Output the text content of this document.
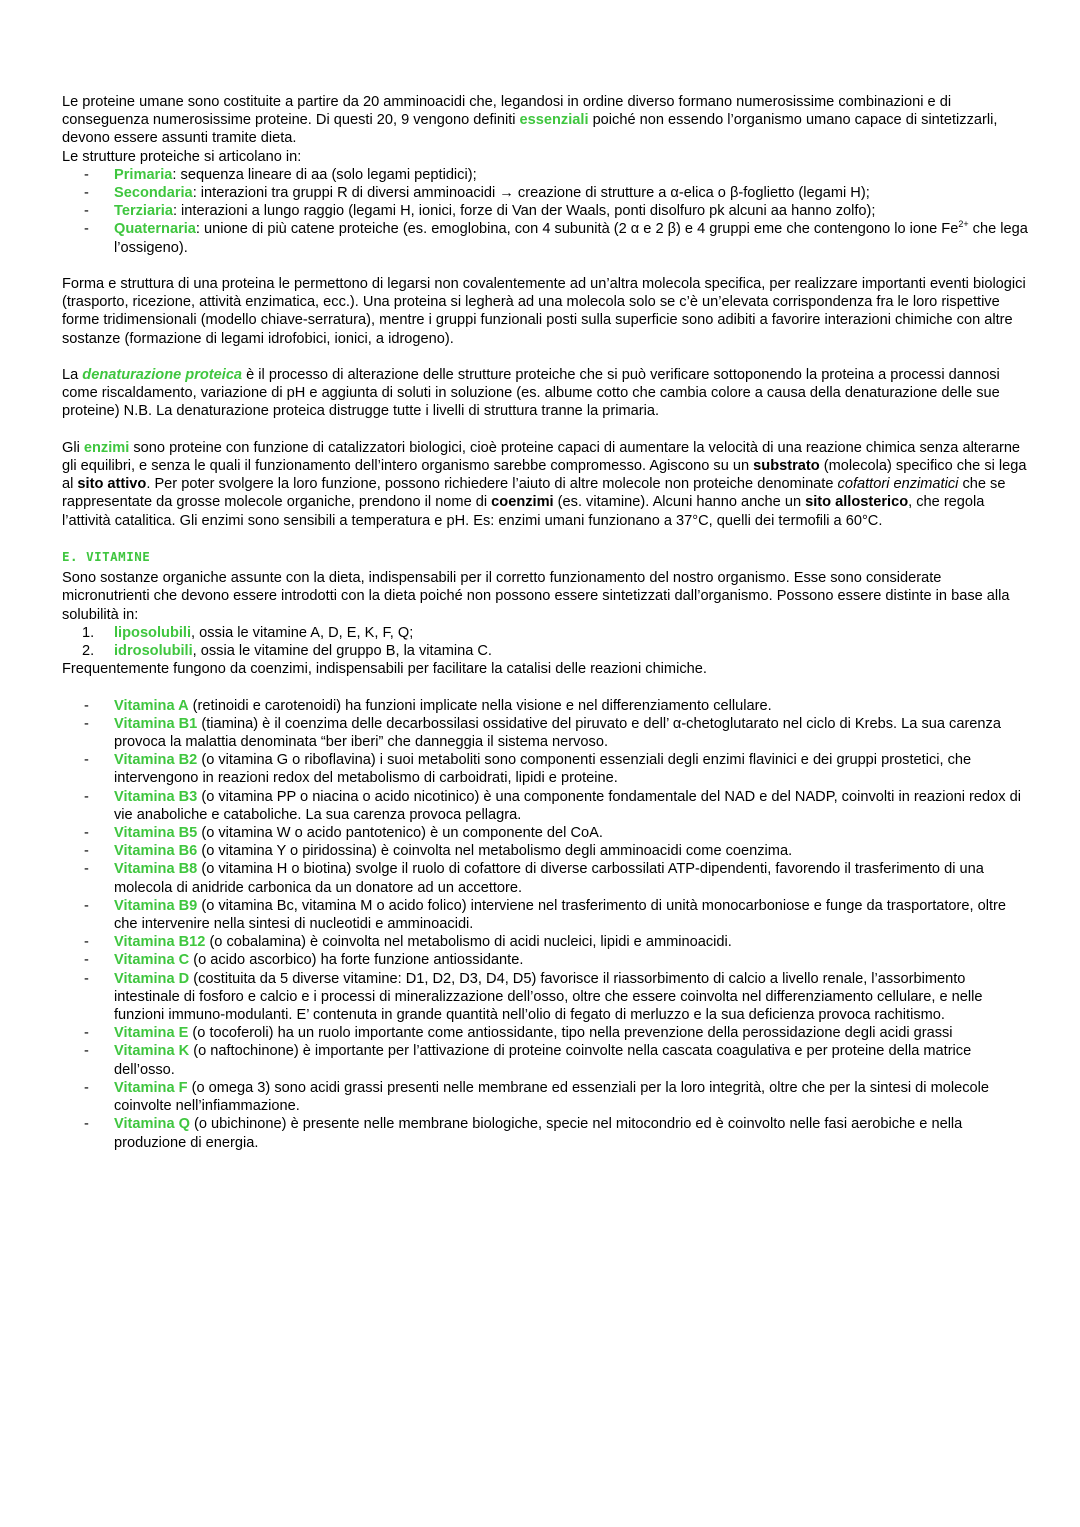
Le proteine umane sono costituite a partire da 20 amminoacidi che, legandosi in ordine diverso formano numerosissime combinazioni e di conseguenza numerosissime proteine. Di questi 20, 9 vengono definiti essenziali poiché non essendo l’organismo umano capace di sintetizzarli, devono essere assunti tramite dieta.

Le strutture proteiche si articolano in:

- Primaria: sequenza lineare di aa (solo legami peptidici);
- Secondaria: interazioni tra gruppi R di diversi amminoacidi → creazione di strutture a α-elica o β-foglietto (legami H);
- Terziaria: interazioni a lungo raggio (legami H, ionici, forze di Van der Waals, ponti disolfuro pk alcuni aa hanno zolfo);
- Quaternaria: unione di più catene proteiche (es. emoglobina, con 4 subunità (2 α e 2 β) e 4 gruppi eme che contengono lo ione $Fe^{2+}$ che lega l’ossigeno).

Forma e struttura di una proteina le permettono di legarsi non covalentemente ad un’altra molecola specifica, per realizzare importanti eventi biologici (trasporto, ricezione, attività enzimatica, ecc.). Una proteina si legherà ad una molecola solo se c’è un’elevata corrispondenza fra le loro rispettive forme tridimensionali (modello chiave-serratura), mentre i gruppi funzionali posti sulla superficie sono adibiti a favorire interazioni chimiche con altre sostanze (formazione di legami idrofobici, ionici, a idrogeno).

La denaturazione proteica è il processo di alterazione delle strutture proteiche che si può verificare sottoponendo la proteina a processi dannosi come riscaldamento, variazione di pH e aggiunta di soluti in soluzione (es. albume cotto che cambia colore a causa della denaturazione delle sue proteine) N.B. La denaturazione proteica distrugge tutte i livelli di struttura tranne la primaria.

Gli enzimi sono proteine con funzione di catalizzatori biologici, cioè proteine capaci di aumentare la velocità di una reazione chimica senza alterarne gli equilibri, e senza le quali il funzionamento dell’intero organismo sarebbe compromesso. Agiscono su un substrato (molecola) specifico che si lega al sito attivo. Per poter svolgere la loro funzione, possono richiedere l’aiuto di altre molecole non proteiche denominate cofattori enzimatici che se rappresentate da grosse molecole organiche, prendono il nome di coenzimi (es. vitamine). Alcuni hanno anche un sito allosterico, che regola l’attività catalitica. Gli enzimi sono sensibili a temperatura e pH. Es: enzimi umani funzionano a 37°C, quelli dei termofili a 60°C.

E. VITAMINE

Sono sostanze organiche assunte con la dieta, indispensabili per il corretto funzionamento del nostro organismo. Esse sono considerate micronutrienti che devono essere introdotti con la dieta poiché non possono essere sintetizzati dall’organismo. Possono essere distinte in base alla solubilità in:

1. liposolubili, ossia le vitamine A, D, E, K, F, Q;
2. idrosolubili, ossia le vitamine del gruppo B, la vitamina C.

Frequentemente fungono da coenzimi, indispensabili per facilitare la catalisi delle reazioni chimiche.

- Vitamina A (retinoidi e carotenoidi) ha funzioni implicate nella visione e nel differenziamento cellulare.
- Vitamina B1 (tiamina) è il coenzima delle decarbossilasi ossidative del piruvato e dell’ α-chetoglutarato nel ciclo di Krebs. La sua carenza provoca la malattia denominata “ber iberi” che danneggia il sistema nervoso.
- Vitamina B2 (o vitamina G o riboflavina) i suoi metaboliti sono componenti essenziali degli enzimi flavinici e dei gruppi prostetici, che intervengono in reazioni redox del metabolismo di carboidrati, lipidi e proteine.
- Vitamina B3 (o vitamina PP o niacina o acido nicotinico) è una componente fondamentale del NAD e del NADP, coinvolti in reazioni redox di vie anaboliche e cataboliche. La sua carenza provoca pellagra.
- Vitamina B5 (o vitamina W o acido pantotenico) è un componente del CoA.
- Vitamina B6 (o vitamina Y o piridossina) è coinvolta nel metabolismo degli amminoacidi come coenzima.
- Vitamina B8 (o vitamina H o biotina) svolge il ruolo di cofattore di diverse carbossilati ATP-dipendenti, favorendo il trasferimento di una molecola di anidride carbonica da un donatore ad un accettore.
- Vitamina B9 (o vitamina Bc, vitamina M o acido folico) interviene nel trasferimento di unità monocarboniose e funge da trasportatore, oltre che intervenire nella sintesi di nucleotidi e amminoacidi.
- Vitamina B12 (o cobalamina) è coinvolta nel metabolismo di acidi nucleici, lipidi e amminoacidi.
- Vitamina C (o acido ascorbico) ha forte funzione antiossidante.
- Vitamina D (costituita da 5 diverse vitamine: D1, D2, D3, D4, D5) favorisce il riassorbimento di calcio a livello renale, l’assorbimento intestinale di fosforo e calcio e i processi di mineralizzazione dell’osso, oltre che essere coinvolta nel differenziamento cellulare, e nelle funzioni immuno-modulanti. E’ contenuta in grande quantità nell’olio di fegato di merluzzo e la sua deficienza provoca rachitismo.
- Vitamina E (o tocoferoli) ha un ruolo importante come antiossidante, tipo nella prevenzione della perossidazione degli acidi grassi
- Vitamina K (o naftochinone) è importante per l’attivazione di proteine coinvolte nella cascata coagulativa e per proteine della matrice dell’osso.
- Vitamina F (o omega 3) sono acidi grassi presenti nelle membrane ed essenziali per la loro integrità, oltre che per la sintesi di molecole coinvolte nell’infiammazione.
- Vitamina Q (o ubichinone) è presente nelle membrane biologiche, specie nel mitocondrio ed è coinvolto nelle fasi aerobiche e nella produzione di energia.
